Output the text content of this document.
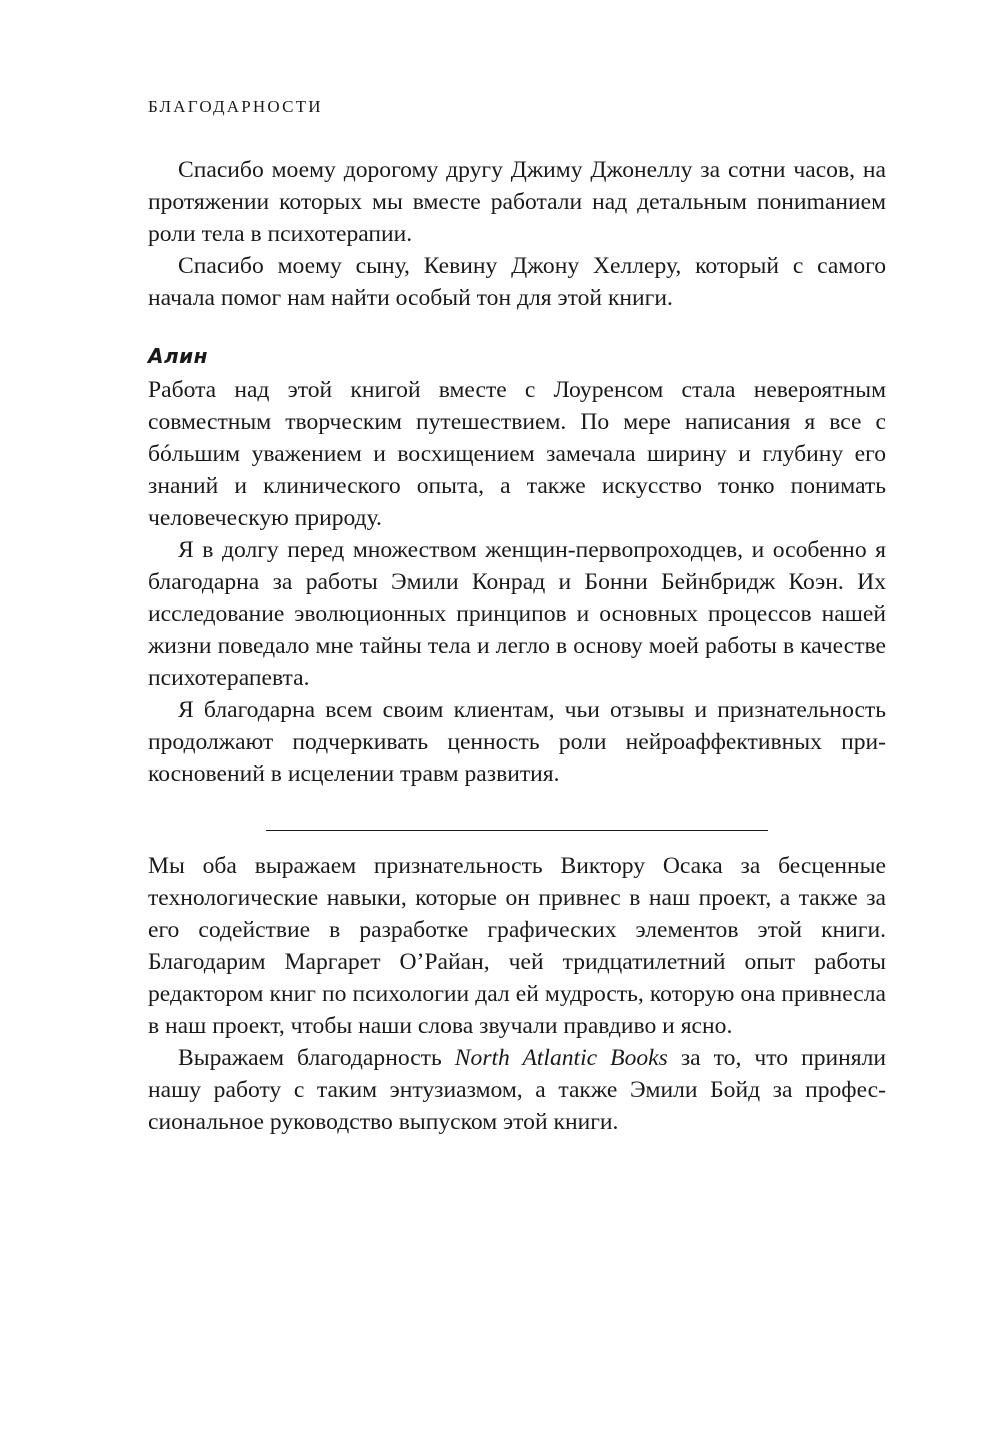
БЛАГОДАРНОСТИ

Спасибо моему дорогому другу Джиму Джонеллу за сотни часов, на протяжении которых мы вместе работали над детальным пониmанием роли тела в психотерапии.

Спасибо моему сыну, Кевину Джону Хеллеру, который с самого начала помог нам найти особый тон для этой книги.

Алин

Работа над этой книгой вместе с Лоуренсом стала невероятным совместным творческим путешествием. По мере написания я все с бóльшим уважением и восхищением замечала ширину и глубину его знаний и клинического опыта, а также искусство тонко понимать человеческую природу.

Я в долгу перед множеством женщин-первопроходцев, и особенно я благодарна за работы Эмили Конрад и Бонни Бейнбридж Коэн. Их исследование эволюционных принципов и основных процессов нашей жизни поведало мне тайны тела и легло в основу моей работы в качестве психотерапевта.

Я благодарна всем своим клиентам, чьи отзывы и признательность продолжают подчеркивать ценность роли нейроаффективных прикосновений в исцелении травм развития.

Мы оба выражаем признательность Виктору Осака за бесценные технологические навыки, которые он привнес в наш проект, а также за его содействие в разработке графических элементов этой книги. Благодарим Маргарет О’Райан, чей тридцатилетний опыт работы редактором книг по психологии дал ей мудрость, которую она привнесла в наш проект, чтобы наши слова звучали правдиво и ясно.

Выражаем благодарность North Atlantic Books за то, что приняли нашу работу с таким энтузиазмом, а также Эмили Бойд за профессиональное руководство выпуском этой книги.
